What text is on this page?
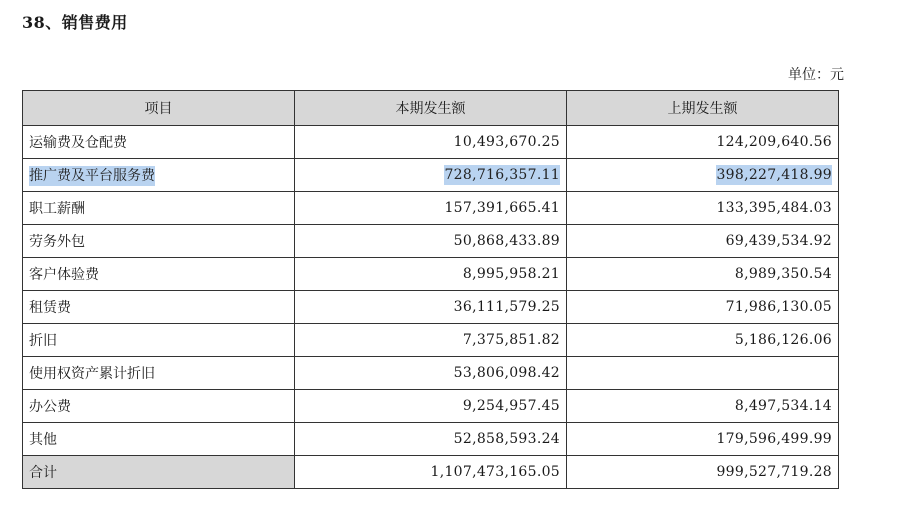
38、销售费用
单位：元
项目	本期发生额	上期发生额
运输费及仓配费	10,493,670.25	124,209,640.56
推广费及平台服务费	728,716,357.11	398,227,418.99
职工薪酬	157,391,665.41	133,395,484.03
劳务外包	50,868,433.89	69,439,534.92
客户体验费	8,995,958.21	8,989,350.54
租赁费	36,111,579.25	71,986,130.05
折旧	7,375,851.82	5,186,126.06
使用权资产累计折旧	53,806,098.42	
办公费	9,254,957.45	8,497,534.14
其他	52,858,593.24	179,596,499.99
合计	1,107,473,165.05	999,527,719.28
